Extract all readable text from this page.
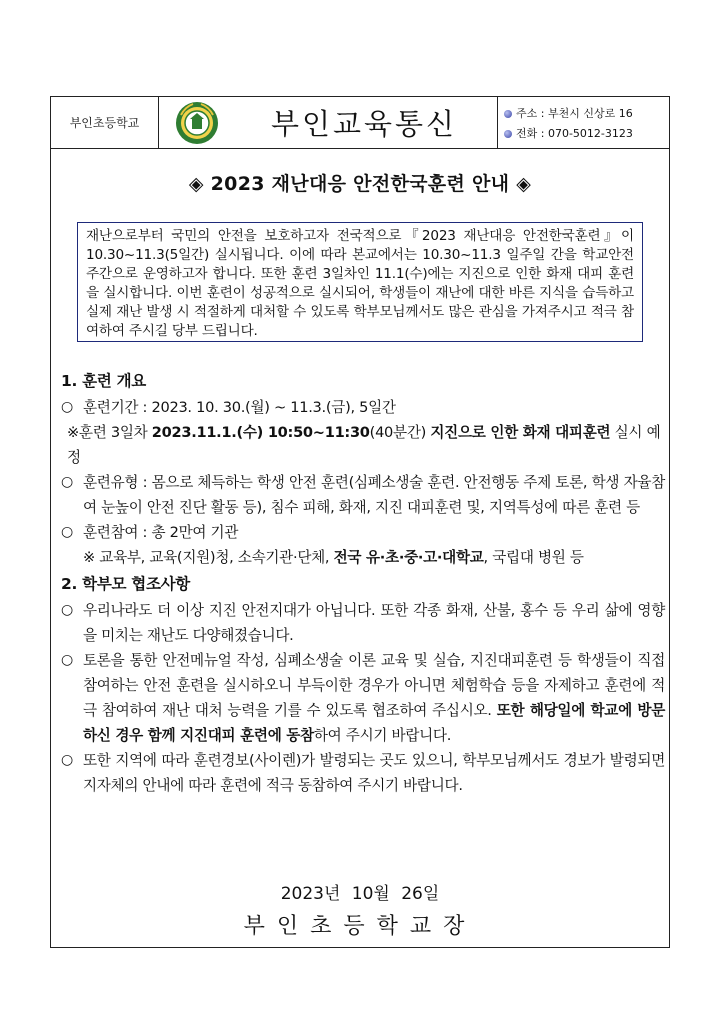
부인초등학교	부인교육통신	주소 : 부천시 신상로 16
전화 : 070-5012-3123
◈ 2023 재난대응 안전한국훈련 안내 ◈
재난으로부터 국민의 안전을 보호하고자 전국적으로『2023 재난대응 안전한국훈련』이 10.30~11.3(5일간) 실시됩니다. 이에 따라 본교에서는 10.30~11.3 일주일 간을 학교안전주간으로 운영하고자 합니다. 또한 훈련 3일차인 11.1(수)에는 지진으로 인한 화재 대피 훈련을 실시합니다. 이번 훈련이 성공적으로 실시되어, 학생들이 재난에 대한 바른 지식을 습득하고 실제 재난 발생 시 적절하게 대처할 수 있도록 학부모님께서도 많은 관심을 가져주시고 적극 참여하여 주시길 당부 드립니다.
1. 훈련 개요
○ 훈련기간 : 2023. 10. 30.(월) ~ 11.3.(금), 5일간
※훈련 3일차 2023.11.1.(수) 10:50~11:30(40분간) 지진으로 인한 화재 대피훈련 실시 예정
○ 훈련유형 : 몸으로 체득하는 학생 안전 훈련(심폐소생술 훈련. 안전행동 주제 토론, 학생 자율참여 눈높이 안전 진단 활동 등), 침수 피해, 화재, 지진 대피훈련 및, 지역특성에 따른 훈련 등
○ 훈련참여 : 총 2만여 기관
※ 교육부, 교육(지원)청, 소속기관·단체, 전국 유·초·중·고·대학교, 국립대 병원 등
2. 학부모 협조사항
○ 우리나라도 더 이상 지진 안전지대가 아닙니다. 또한 각종 화재, 산불, 홍수 등 우리 삶에 영향을 미치는 재난도 다양해졌습니다.
○ 토론을 통한 안전메뉴얼 작성, 심폐소생술 이론 교육 및 실습, 지진대피훈련 등 학생들이 직접 참여하는 안전 훈련을 실시하오니 부득이한 경우가 아니면 체험학습 등을 자제하고 훈련에 적극 참여하여 재난 대처 능력을 기를 수 있도록 협조하여 주십시오. 또한 해당일에 학교에 방문하신 경우 함께 지진대피 훈련에 동참하여 주시기 바랍니다.
○ 또한 지역에 따라 훈련경보(사이렌)가 발령되는 곳도 있으니, 학부모님께서도 경보가 발령되면 지자체의 안내에 따라 훈련에 적극 동참하여 주시기 바랍니다.
2023년 10월 26일
부인초등학교장
